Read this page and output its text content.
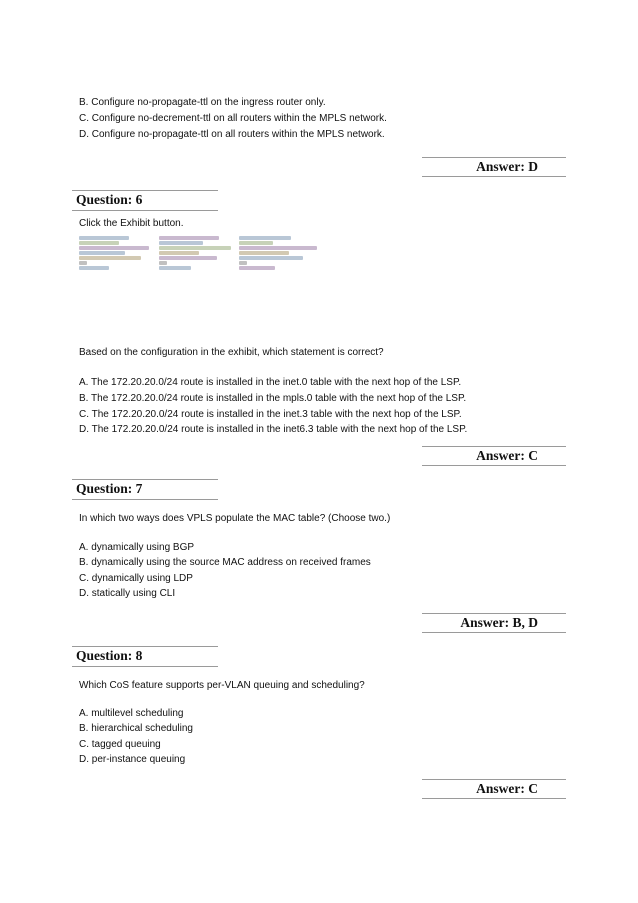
B. Configure no-propagate-ttl on the ingress router only.
C. Configure no-decrement-ttl on all routers within the MPLS network.
D. Configure no-propagate-ttl on all routers within the MPLS network.
Answer: D
Question: 6
Click the Exhibit button.
Based on the configuration in the exhibit, which statement is correct?
A. The 172.20.20.0/24 route is installed in the inet.0 table with the next hop of the LSP.
B. The 172.20.20.0/24 route is installed in the mpls.0 table with the next hop of the LSP.
C. The 172.20.20.0/24 route is installed in the inet.3 table with the next hop of the LSP.
D. The 172.20.20.0/24 route is installed in the inet6.3 table with the next hop of the LSP.
Answer: C
Question: 7
In which two ways does VPLS populate the MAC table? (Choose two.)
A. dynamically using BGP
B. dynamically using the source MAC address on received frames
C. dynamically using LDP
D. statically using CLI
Answer: B, D
Question: 8
Which CoS feature supports per-VLAN queuing and scheduling?
A. multilevel scheduling
B. hierarchical scheduling
C. tagged queuing
D. per-instance queuing
Answer: C
